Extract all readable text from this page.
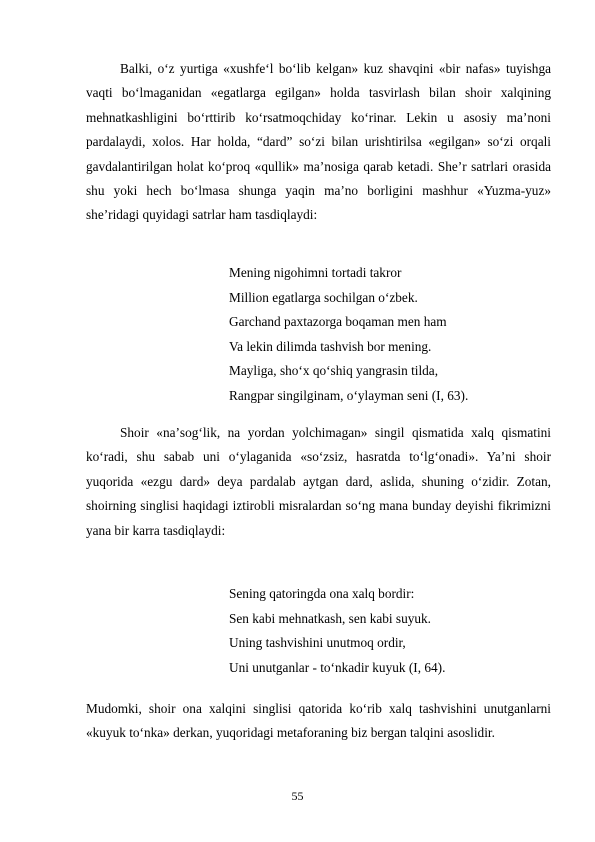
Balki, oʻz yurtiga «xushfeʻl boʻlib kelgan» kuz shavqini «bir nafas» tuyishga vaqti boʻlmaganidan «egatlarga egilgan» holda tasvirlash bilan shoir xalqining mehnatkashligini boʻrttirib koʻrsatmoqchiday koʻrinar. Lekin u asosiy maʼnoni pardalaydi, xolos. Har holda, “dard” soʻzi bilan urishtirilsa «egilgan» soʻzi orqali gavdalantirilgan holat koʻproq «qullik» maʼnosiga qarab ketadi. Sheʼr satrlari orasida shu yoki hech boʻlmasa shunga yaqin maʼno borligini mashhur «Yuzma-yuz» sheʼridagi quyidagi satrlar ham tasdiqlaydi:

Mening nigohimni tortadi takror
Million egatlarga sochilgan oʻzbek.
Garchand paxtazorga boqaman men ham
Va lekin dilimda tashvish bor mening.
Mayliga, shoʻx qoʻshiq yangrasin tilda,
Rangpar singilginam, oʻylayman seni (I, 63).

Shoir «naʼsogʻlik, na yordan yolchimagan» singil qismatida xalq qismatini koʻradi, shu sabab uni oʻylaganida «soʻzsiz, hasratda toʻlgʻonadi». Yaʼni shoir yuqorida «ezgu dard» deya pardalab aytgan dard, aslida, shuning oʻzidir. Zotan, shoirning singlisi haqidagi iztirobli misralardan soʻng mana bunday deyishi fikrimizni yana bir karra tasdiqlaydi:

Sening qatoringda ona xalq bordir:
Sen kabi mehnatkash, sen kabi suyuk.
Uning tashvishini unutmoq ordir,
Uni unutganlar - toʻnkadir kuyuk (I, 64).

Mudomki, shoir ona xalqini singlisi qatorida koʻrib xalq tashvishini unutganlarni «kuyuk toʻnka» derkan, yuqoridagi metaforaning biz bergan talqini asoslidir.

55
